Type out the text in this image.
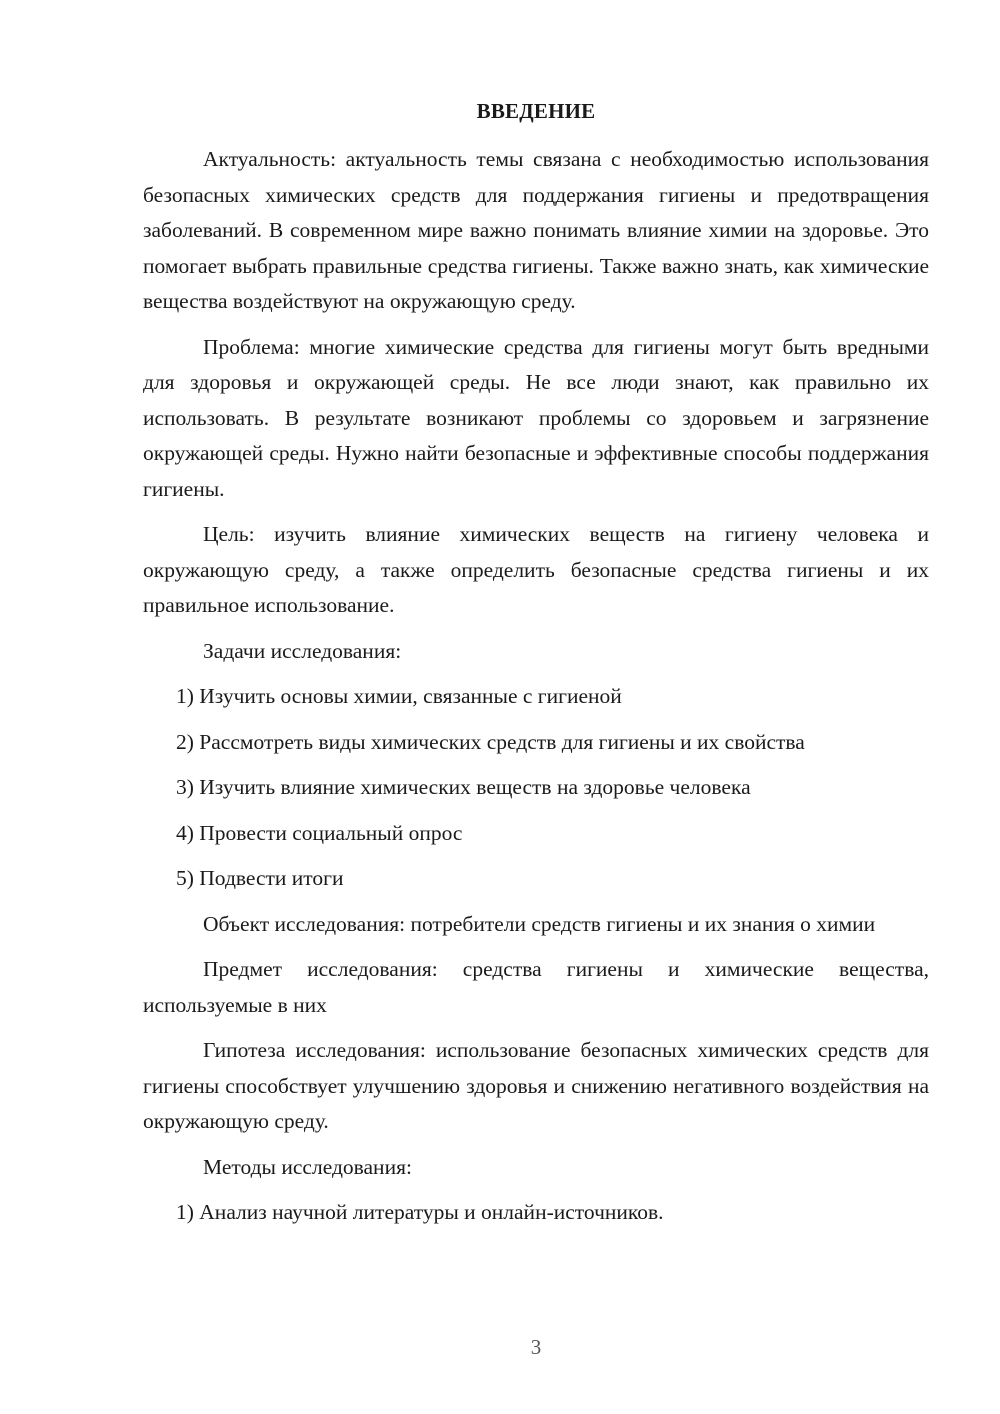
ВВЕДЕНИЕ

Актуальность: актуальность темы связана с необходимостью использования безопасных химических средств для поддержания гигиены и предотвращения заболеваний. В современном мире важно понимать влияние химии на здоровье. Это помогает выбрать правильные средства гигиены. Также важно знать, как химические вещества воздействуют на окружающую среду.

Проблема: многие химические средства для гигиены могут быть вредными для здоровья и окружающей среды. Не все люди знают, как правильно их использовать. В результате возникают проблемы со здоровьем и загрязнение окружающей среды. Нужно найти безопасные и эффективные способы поддержания гигиены.

Цель: изучить влияние химических веществ на гигиену человека и окружающую среду, а также определить безопасные средства гигиены и их правильное использование.

Задачи исследования:

1) Изучить основы химии, связанные с гигиеной

2) Рассмотреть виды химических средств для гигиены и их свойства

3) Изучить влияние химических веществ на здоровье человека

4) Провести социальный опрос

5) Подвести итоги

Объект исследования: потребители средств гигиены и их знания о химии

Предмет исследования: средства гигиены и химические вещества, используемые в них

Гипотеза исследования: использование безопасных химических средств для гигиены способствует улучшению здоровья и снижению негативного воздействия на окружающую среду.

Методы исследования:

1) Анализ научной литературы и онлайн-источников.

3
